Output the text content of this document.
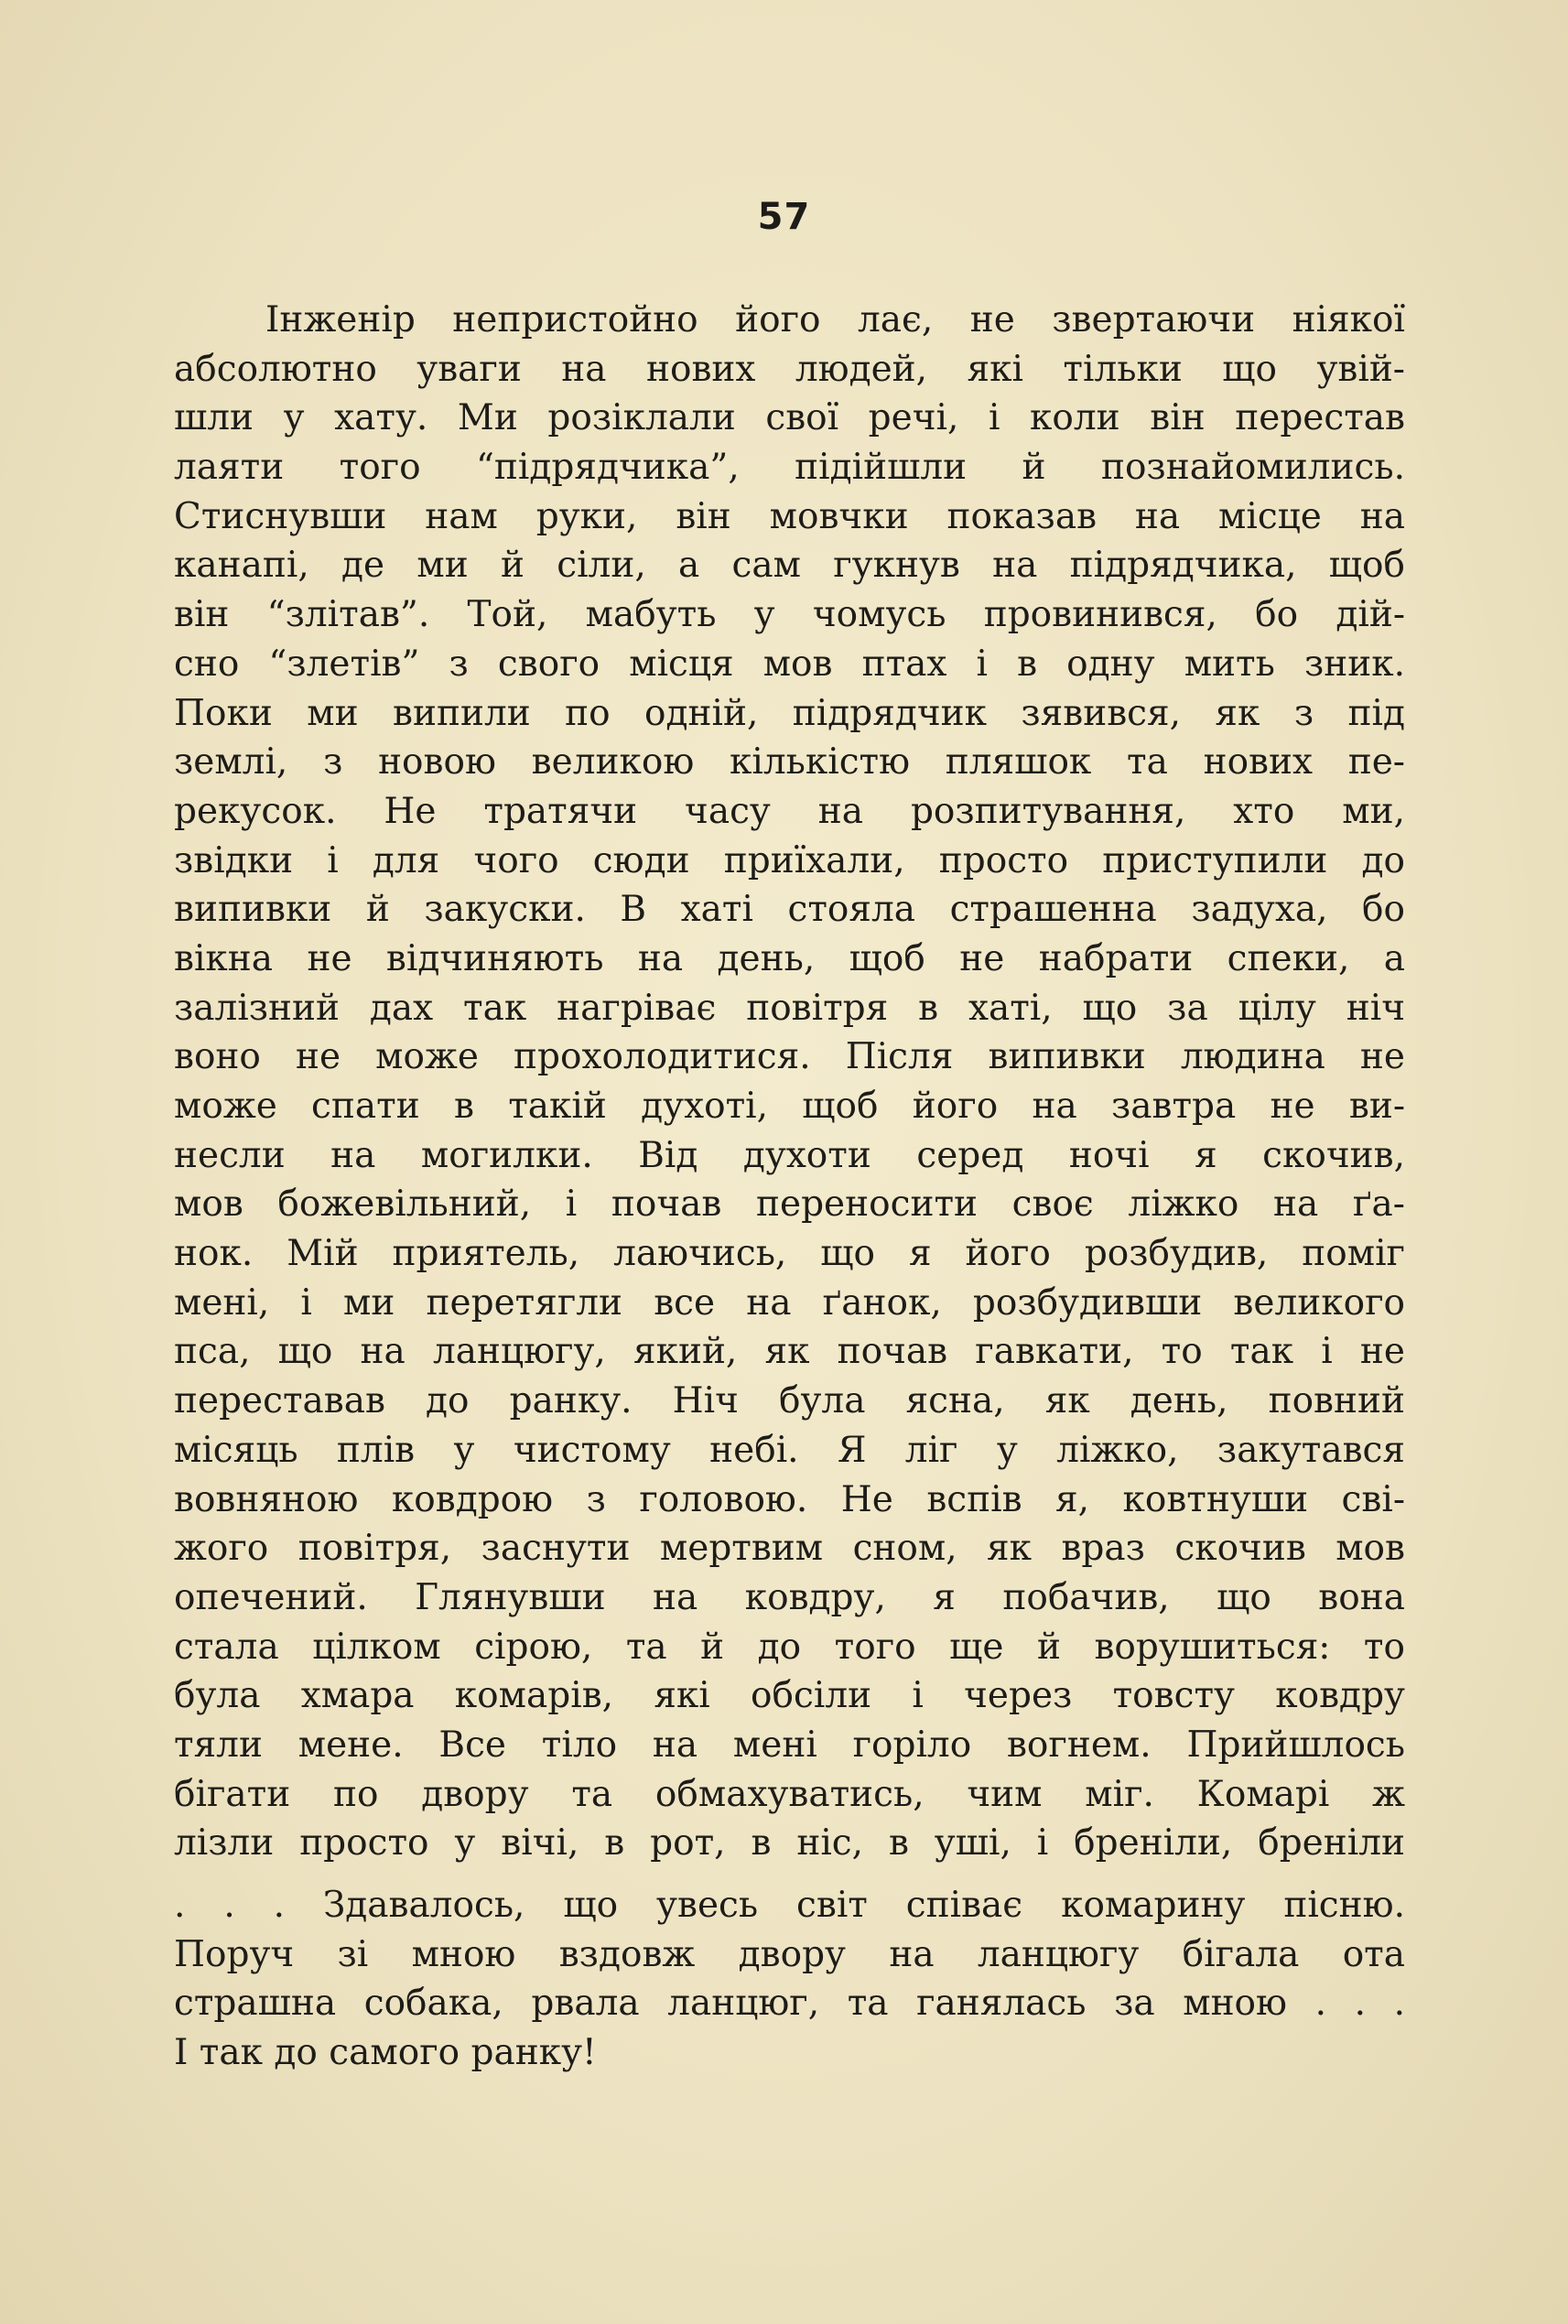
57
Інженір непристойно його лає, не звертаючи ніякої
абсолютно уваги на нових людей, які тільки що увій-
шли у хату. Ми розіклали свої речі, і коли він перестав
лаяти того “підрядчика”, підійшли й познайомились.
Стиснувши нам руки, він мовчки показав на місце на
канапі, де ми й сіли, а сам гукнув на підрядчика, щоб
він “злітав”. Той, мабуть у чомусь провинився, бо дій-
сно “злетів” з свого місця мов птах і в одну мить зник.
Поки ми випили по одній, підрядчик зявився, як з під
землі, з новою великою кількістю пляшок та нових пе-
рекусок. Не тратячи часу на розпитування, хто ми,
звідки і для чого сюди приїхали, просто приступили до
випивки й закуски. В хаті стояла страшенна задуха, бо
вікна не відчиняють на день, щоб не набрати спеки, а
залізний дах так нагріває повітря в хаті, що за цілу ніч
воно не може прохолодитися. Після випивки людина не
може спати в такій духоті, щоб його на завтра не ви-
несли на могилки. Від духоти серед ночі я скочив,
мов божевільний, і почав переносити своє ліжко на ґа-
нок. Мій приятель, лаючись, що я його розбудив, поміг
мені, і ми перетягли все на ґанок, розбудивши великого
пса, що на ланцюгу, який, як почав гавкати, то так і не
переставав до ранку. Ніч була ясна, як день, повний
місяць плів у чистому небі. Я ліг у ліжко, закутався
вовняною ковдрою з головою. Не вспів я, ковтнуши сві-
жого повітря, заснути мертвим сном, як враз скочив мов
опечений. Глянувши на ковдру, я побачив, що вона
стала цілком сірою, та й до того ще й ворушиться: то
була хмара комарів, які обсіли і через товсту ковдру
тяли мене. Все тіло на мені горіло вогнем. Прийшлось
бігати по двору та обмахуватись, чим міг. Комарі ж
лізли просто у вічі, в рот, в ніс, в уші, і бреніли, бреніли
. . . Здавалось, що увесь світ співає комарину пісню.
Поруч зі мною вздовж двору на ланцюгу бігала ота
страшна собака, рвала ланцюг, та ганялась за мною . . .
І так до самого ранку!
